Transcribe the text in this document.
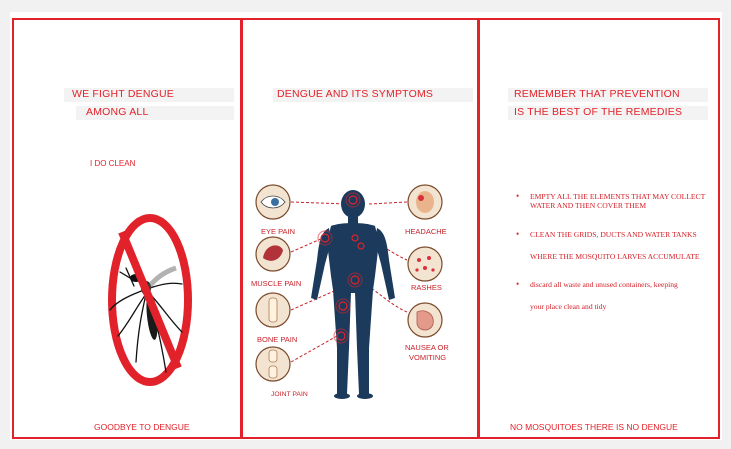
WE FIGHT DENGUE
AMONG ALL
I DO CLEAN
GOODBYE TO DENGUE
DENGUE AND ITS SYMPTOMS
EYE PAIN
MUSCLE PAIN
BONE PAIN
JOINT PAIN
HEADACHE
RASHES
NAUSEA OR
VOMITING
REMEMBER THAT PREVENTION
IS THE BEST OF THE REMEDIES
• EMPTY ALL THE ELEMENTS THAT MAY COLLECT
WATER AND THEN COVER THEM
• CLEAN THE GRIDS, DUCTS AND WATER TANKS
WHERE THE MOSQUITO LARVES ACCUMULATE
• discard all waste and unused containers, keeping
your place clean and tidy
NO MOSQUITOES THERE IS NO DENGUE
